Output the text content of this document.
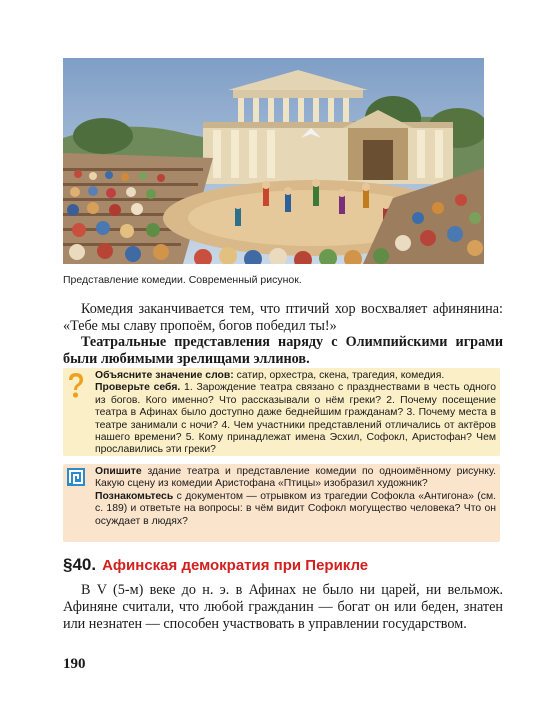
Представление комедии. Современный рисунок.
Комедия заканчивается тем, что птичий хор восхваляет афинянина: «Тебе мы славу пропоём, богов победил ты!»
Театральные представления наряду с Олимпийскими играми были любимыми зрелищами эллинов.
Объясните значение слов: сатир, орхестра, скена, трагедия, комедия.
Проверьте себя. 1. Зарождение театра связано с празднествами в честь одного из богов. Кого именно? Что рассказывали о нём греки? 2. Почему посещение театра в Афинах было доступно даже беднейшим гражданам? 3. Почему места в театре занимали с ночи? 4. Чем участники представлений отличались от актёров нашего времени? 5. Кому принадлежат имена Эсхил, Софокл, Аристофан? Чем прославились эти греки?
Опишите здание театра и представление комедии по одноимённому рисунку. Какую сцену из комедии Аристофана «Птицы» изобразил художник?
Познакомьтесь с документом — отрывком из трагедии Софокла «Антигона» (см. с. 189) и ответьте на вопросы: в чём видит Софокл могущество человека? Что он осуждает в людях?
§40. Афинская демократия при Перикле
В V (5-м) веке до н. э. в Афинах не было ни царей, ни вельмож. Афиняне считали, что любой гражданин — богат он или беден, знатен или незнатен — способен участвовать в управлении государством.
190
